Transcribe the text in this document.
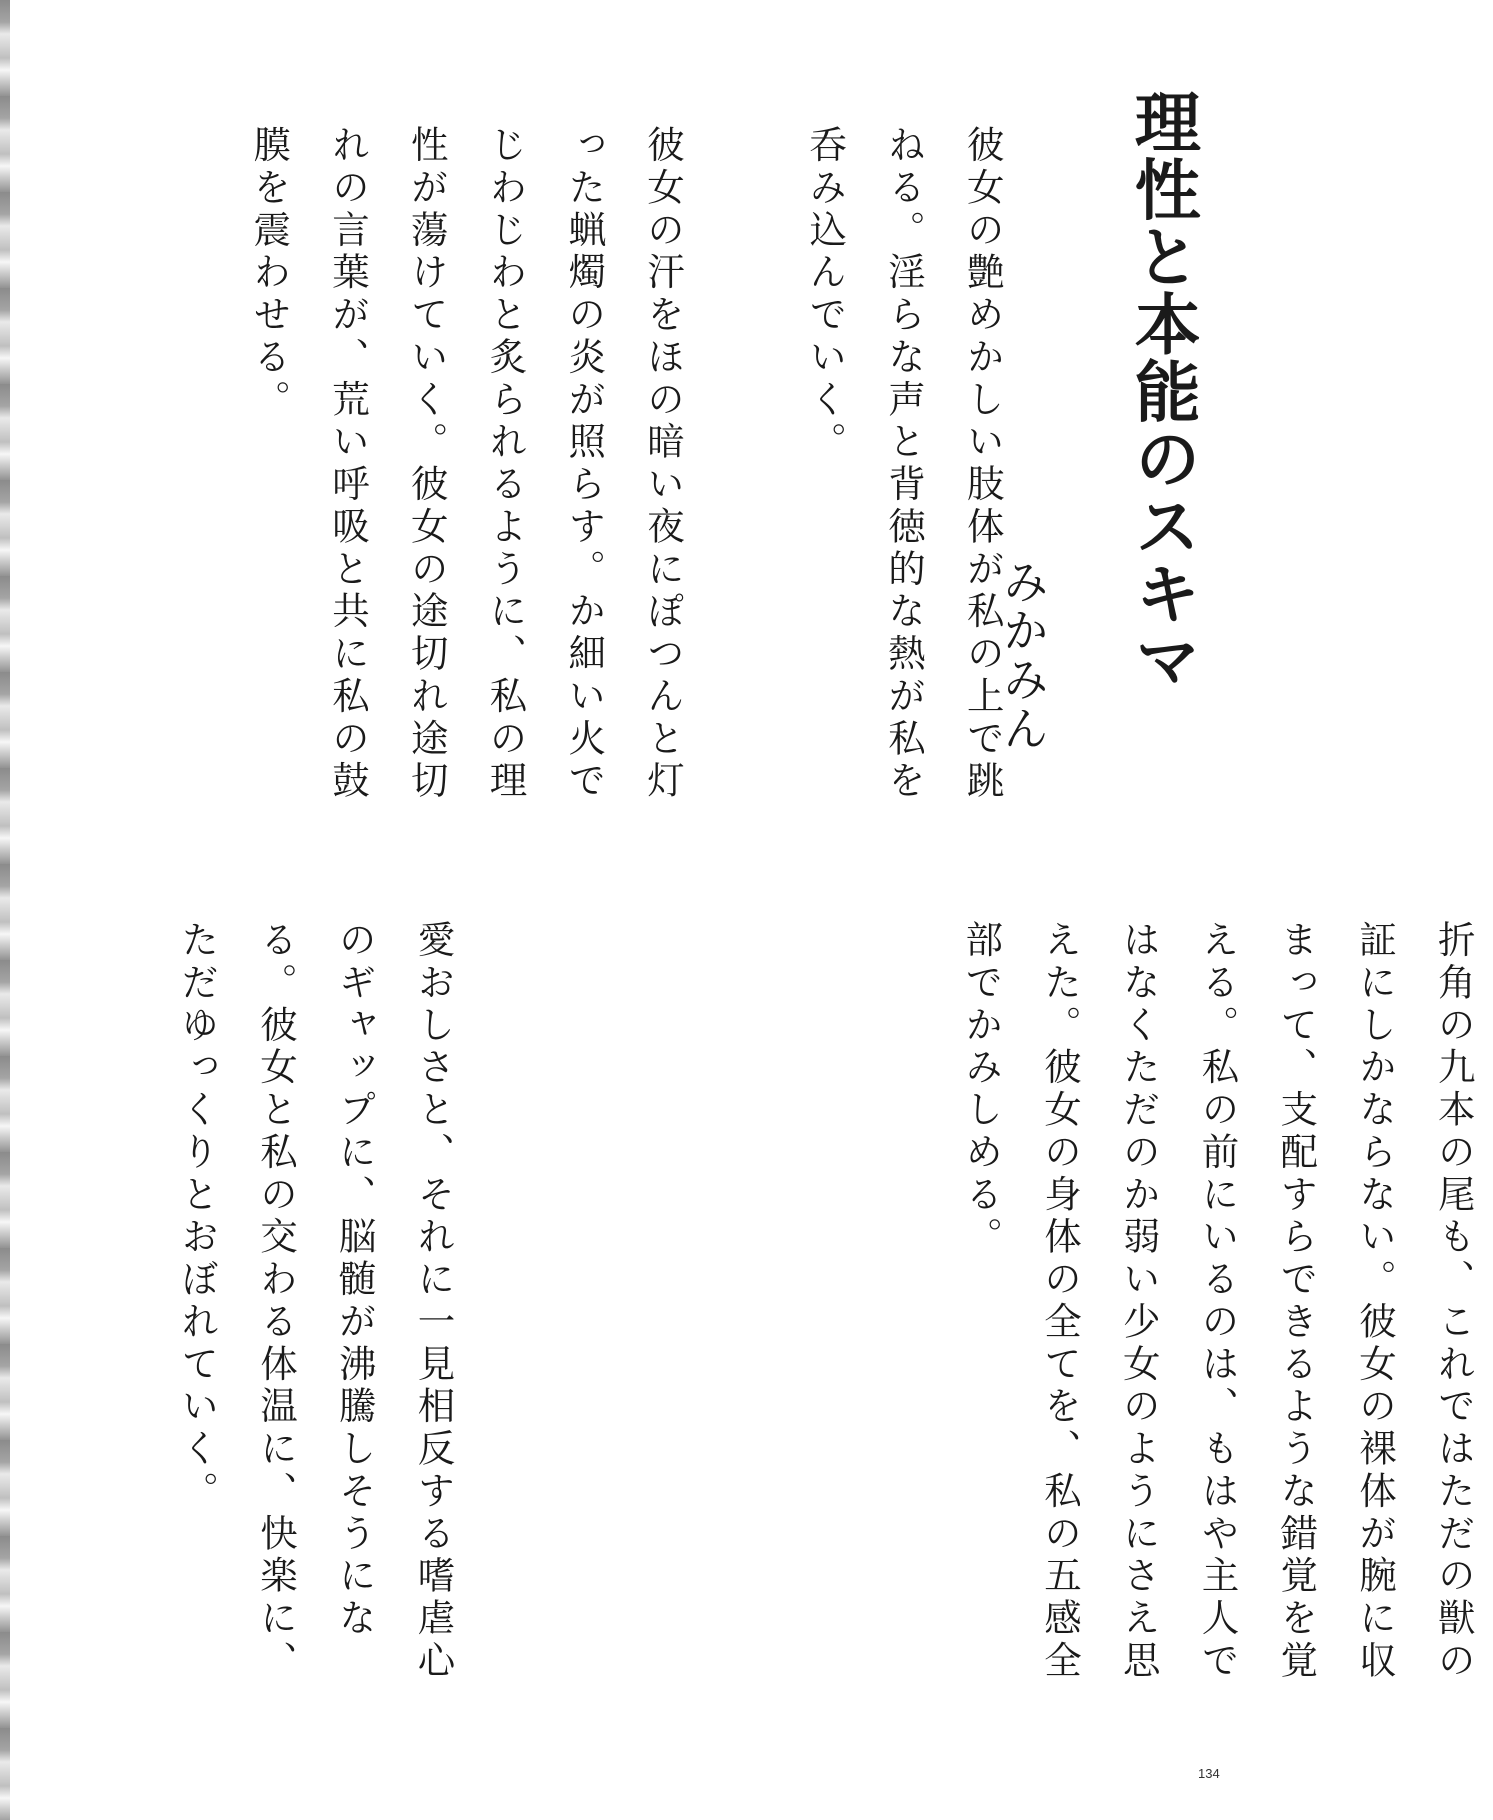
理性と本能のスキマ
みかみん

彼女の艶めかしい肢体が私の上で跳ねる。淫らな声と背徳的な熱が私を呑み込んでいく。

彼女の汗をほの暗い夜にぽつんと灯った蝋燭の炎が照らす。か細い火でじわじわと炙られるように、私の理性が蕩けていく。彼女の途切れ途切れの言葉が、荒い呼吸と共に私の鼓膜を震わせる。

折角の九本の尾も、これではただの獣の証にしかならない。彼女の裸体が腕に収まって、支配すらできるような錯覚を覚える。私の前にいるのは、もはや主人ではなくただのか弱い少女のようにさえ思えた。彼女の身体の全てを、私の五感全部でかみしめる。

愛おしさと、それに一見相反する嗜虐心のギャップに、脳髄が沸騰しそうになる。彼女と私の交わる体温に、快楽に、ただゆっくりとおぼれていく。

134
